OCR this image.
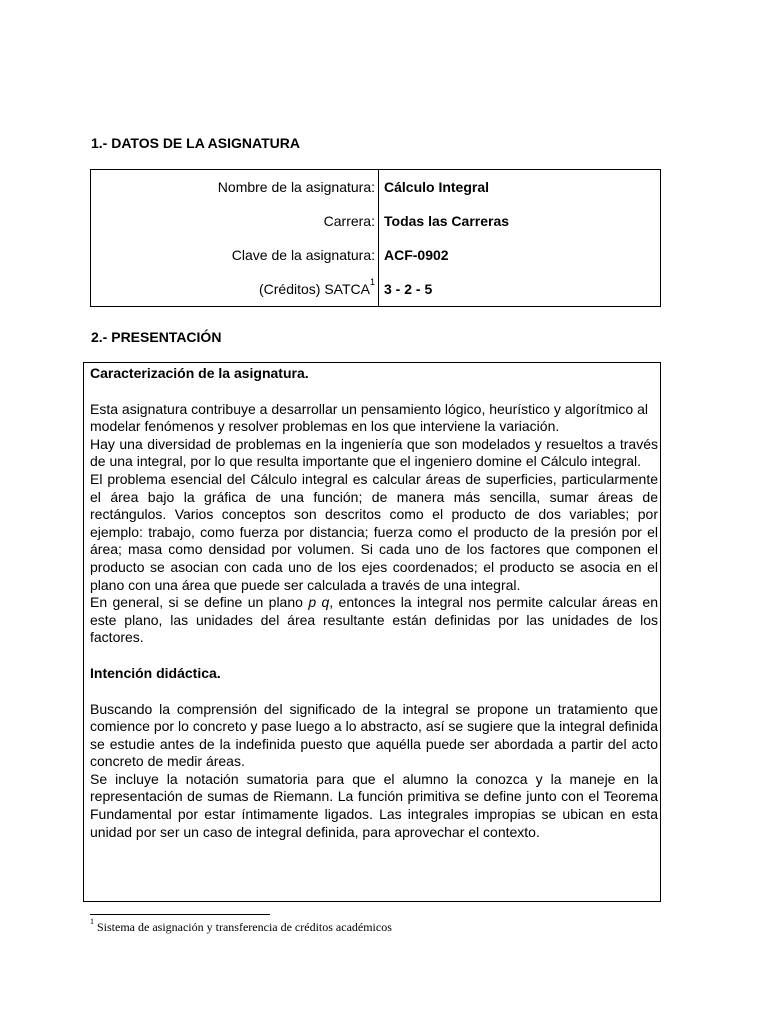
1.- DATOS DE LA ASIGNATURA
Nombre de la asignatura:	Cálculo Integral
Carrera:	Todas las Carreras
Clave de la asignatura:	ACF-0902
(Créditos) SATCA$^1$	3 - 2 - 5
2.- PRESENTACIÓN

Caracterización de la asignatura.

Esta asignatura contribuye a desarrollar un pensamiento lógico, heurístico y algorítmico al modelar fenómenos y resolver problemas en los que interviene la variación.

Hay una diversidad de problemas en la ingeniería que son modelados y resueltos a través de una integral, por lo que resulta importante que el ingeniero domine el Cálculo integral.

El problema esencial del Cálculo integral es calcular áreas de superficies, particularmente el área bajo la gráfica de una función; de manera más sencilla, sumar áreas de rectángulos. Varios conceptos son descritos como el producto de dos variables; por ejemplo: trabajo, como fuerza por distancia; fuerza como el producto de la presión por el área; masa como densidad por volumen. Si cada uno de los factores que componen el producto se asocian con cada uno de los ejes coordenados; el producto se asocia en el plano con una área que puede ser calculada a través de una integral.

En general, si se define un plano p q, entonces la integral nos permite calcular áreas en este plano, las unidades del área resultante están definidas por las unidades de los factores.

Intención didáctica.

Buscando la comprensión del significado de la integral se propone un tratamiento que comience por lo concreto y pase luego a lo abstracto, así se sugiere que la integral definida se estudie antes de la indefinida puesto que aquélla puede ser abordada a partir del acto concreto de medir áreas.

Se incluye la notación sumatoria para que el alumno la conozca y la maneje en la representación de sumas de Riemann. La función primitiva se define junto con el Teorema Fundamental por estar íntimamente ligados. Las integrales impropias se ubican en esta unidad por ser un caso de integral definida, para aprovechar el contexto.

$^1$ Sistema de asignación y transferencia de créditos académicos
